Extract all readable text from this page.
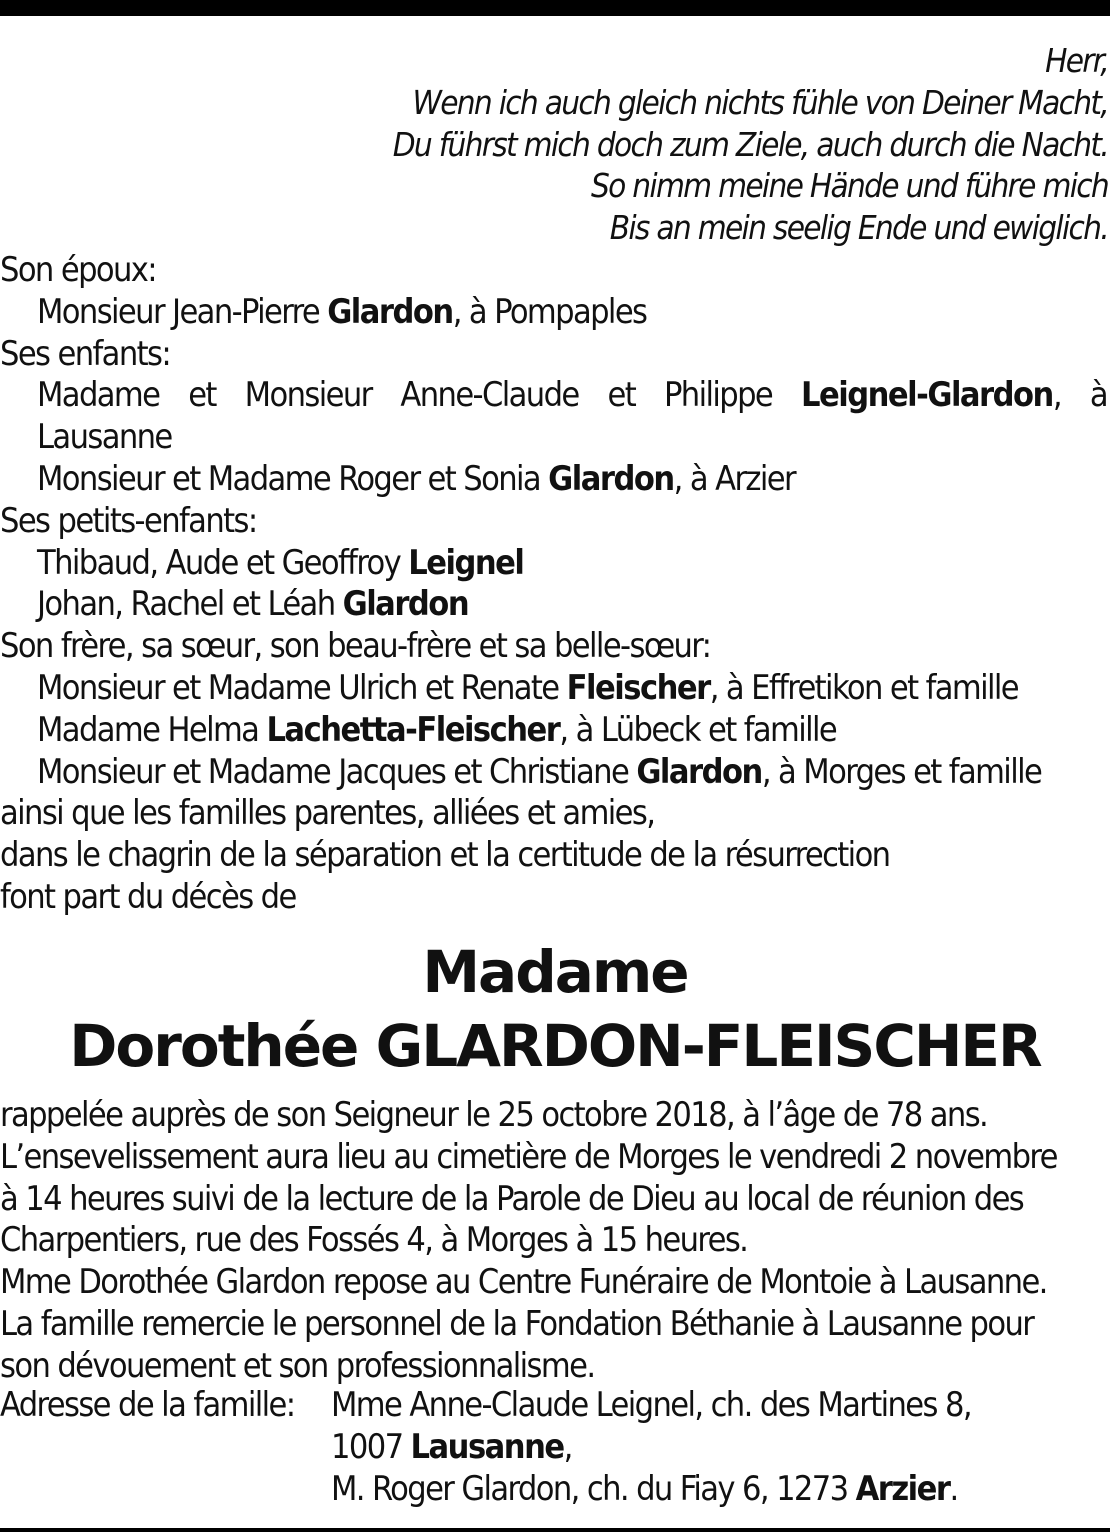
Herr,
Wenn ich auch gleich nichts fühle von Deiner Macht,
Du führst mich doch zum Ziele, auch durch die Nacht.
So nimm meine Hände und führe mich
Bis an mein seelig Ende und ewiglich.
Son époux:
Monsieur Jean-Pierre Glardon, à Pompaples
Ses enfants:
Madame et Monsieur Anne-Claude et Philippe Leignel-Glardon, à
Lausanne
Monsieur et Madame Roger et Sonia Glardon, à Arzier
Ses petits-enfants:
Thibaud, Aude et Geoffroy Leignel
Johan, Rachel et Léah Glardon
Son frère, sa sœur, son beau-frère et sa belle-sœur:
Monsieur et Madame Ulrich et Renate Fleischer, à Effretikon et famille
Madame Helma Lachetta-Fleischer, à Lübeck et famille
Monsieur et Madame Jacques et Christiane Glardon, à Morges et famille
ainsi que les familles parentes, alliées et amies,
dans le chagrin de la séparation et la certitude de la résurrection
font part du décès de
Madame
Dorothée GLARDON-FLEISCHER
rappelée auprès de son Seigneur le 25 octobre 2018, à l’âge de 78 ans.
L’ensevelissement aura lieu au cimetière de Morges le vendredi 2 novembre
à 14 heures suivi de la lecture de la Parole de Dieu au local de réunion des
Charpentiers, rue des Fossés 4, à Morges à 15 heures.
Mme Dorothée Glardon repose au Centre Funéraire de Montoie à Lausanne.
La famille remercie le personnel de la Fondation Béthanie à Lausanne pour
son dévouement et son professionnalisme.
Adresse de la famille:	Mme Anne-Claude Leignel, ch. des Martines 8,
1007 Lausanne,
M. Roger Glardon, ch. du Fiay 6, 1273 Arzier.
